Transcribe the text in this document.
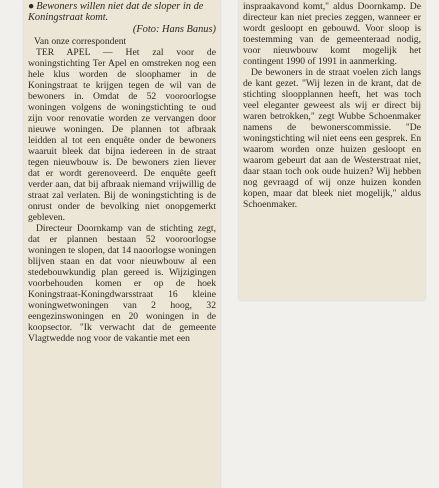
● Bewoners willen niet dat de sloper in de Koningstraat komt.

(Foto: Hans Banus)

Van onze correspondent

TER APEL — Het zal voor de woningstichting Ter Apel en omstreken nog een hele klus worden de sloophamer in de Koningstraat te krijgen tegen de wil van de bewoners in. Omdat de 52 vooroorlogse woningen volgens de woningstichting te oud zijn voor renovatie worden ze vervangen door nieuwe woningen. De plannen tot afbraak leidden al tot een enquête onder de bewoners waaruit bleek dat bijna iedereen in de straat tegen nieuwbouw is. De bewoners zien liever dat er wordt gerenoveerd. De enquête geeft verder aan, dat bij afbraak niemand vrijwillig de straat zal verlaten. Bij de woningstichting is de onrust onder de bevolking niet onopgemerkt gebleven.

Directeur Doornkamp van de stichting zegt, dat er plannen bestaan 52 vooroorlogse woningen te slopen, dat 14 naoorlogse woningen blijven staan en dat voor nieuwbouw al een stedebouwkundig plan gereed is. Wijzigingen voorbehouden komen er op de hoek Koningstraat-Koningdwarsstraat 16 kleine woningwetwoningen van 2 hoog, 32 eengezinswoningen en 20 woningen in de koopsector. "Ik verwacht dat de gemeente Vlagtwedde nog voor de vakantie met een

inspraakavond komt," aldus Doornkamp. De directeur kan niet precies zeggen, wanneer er wordt gesloopt en gebouwd. Voor sloop is toestemming van de gemeenteraad nodig, voor nieuwbouw komt mogelijk het contingent 1990 of 1991 in aanmerking.

De bewoners in de straat voelen zich langs de kant gezet. "Wij lezen in de krant, dat de stichting sloopplannen heeft, het was toch veel eleganter geweest als wij er direct bij waren betrokken," zegt Wubbe Schoenmaker namens de bewonerscommissie. "De woningstichting wil niet eens een gesprek. En waarom worden onze huizen gesloopt en waarom gebeurt dat aan de Westerstraat niet, daar staan toch ook oude huizen? Wij hebben nog gevraagd of wij onze huizen konden kopen, maar dat bleek niet mogelijk," aldus Schoenmaker.
